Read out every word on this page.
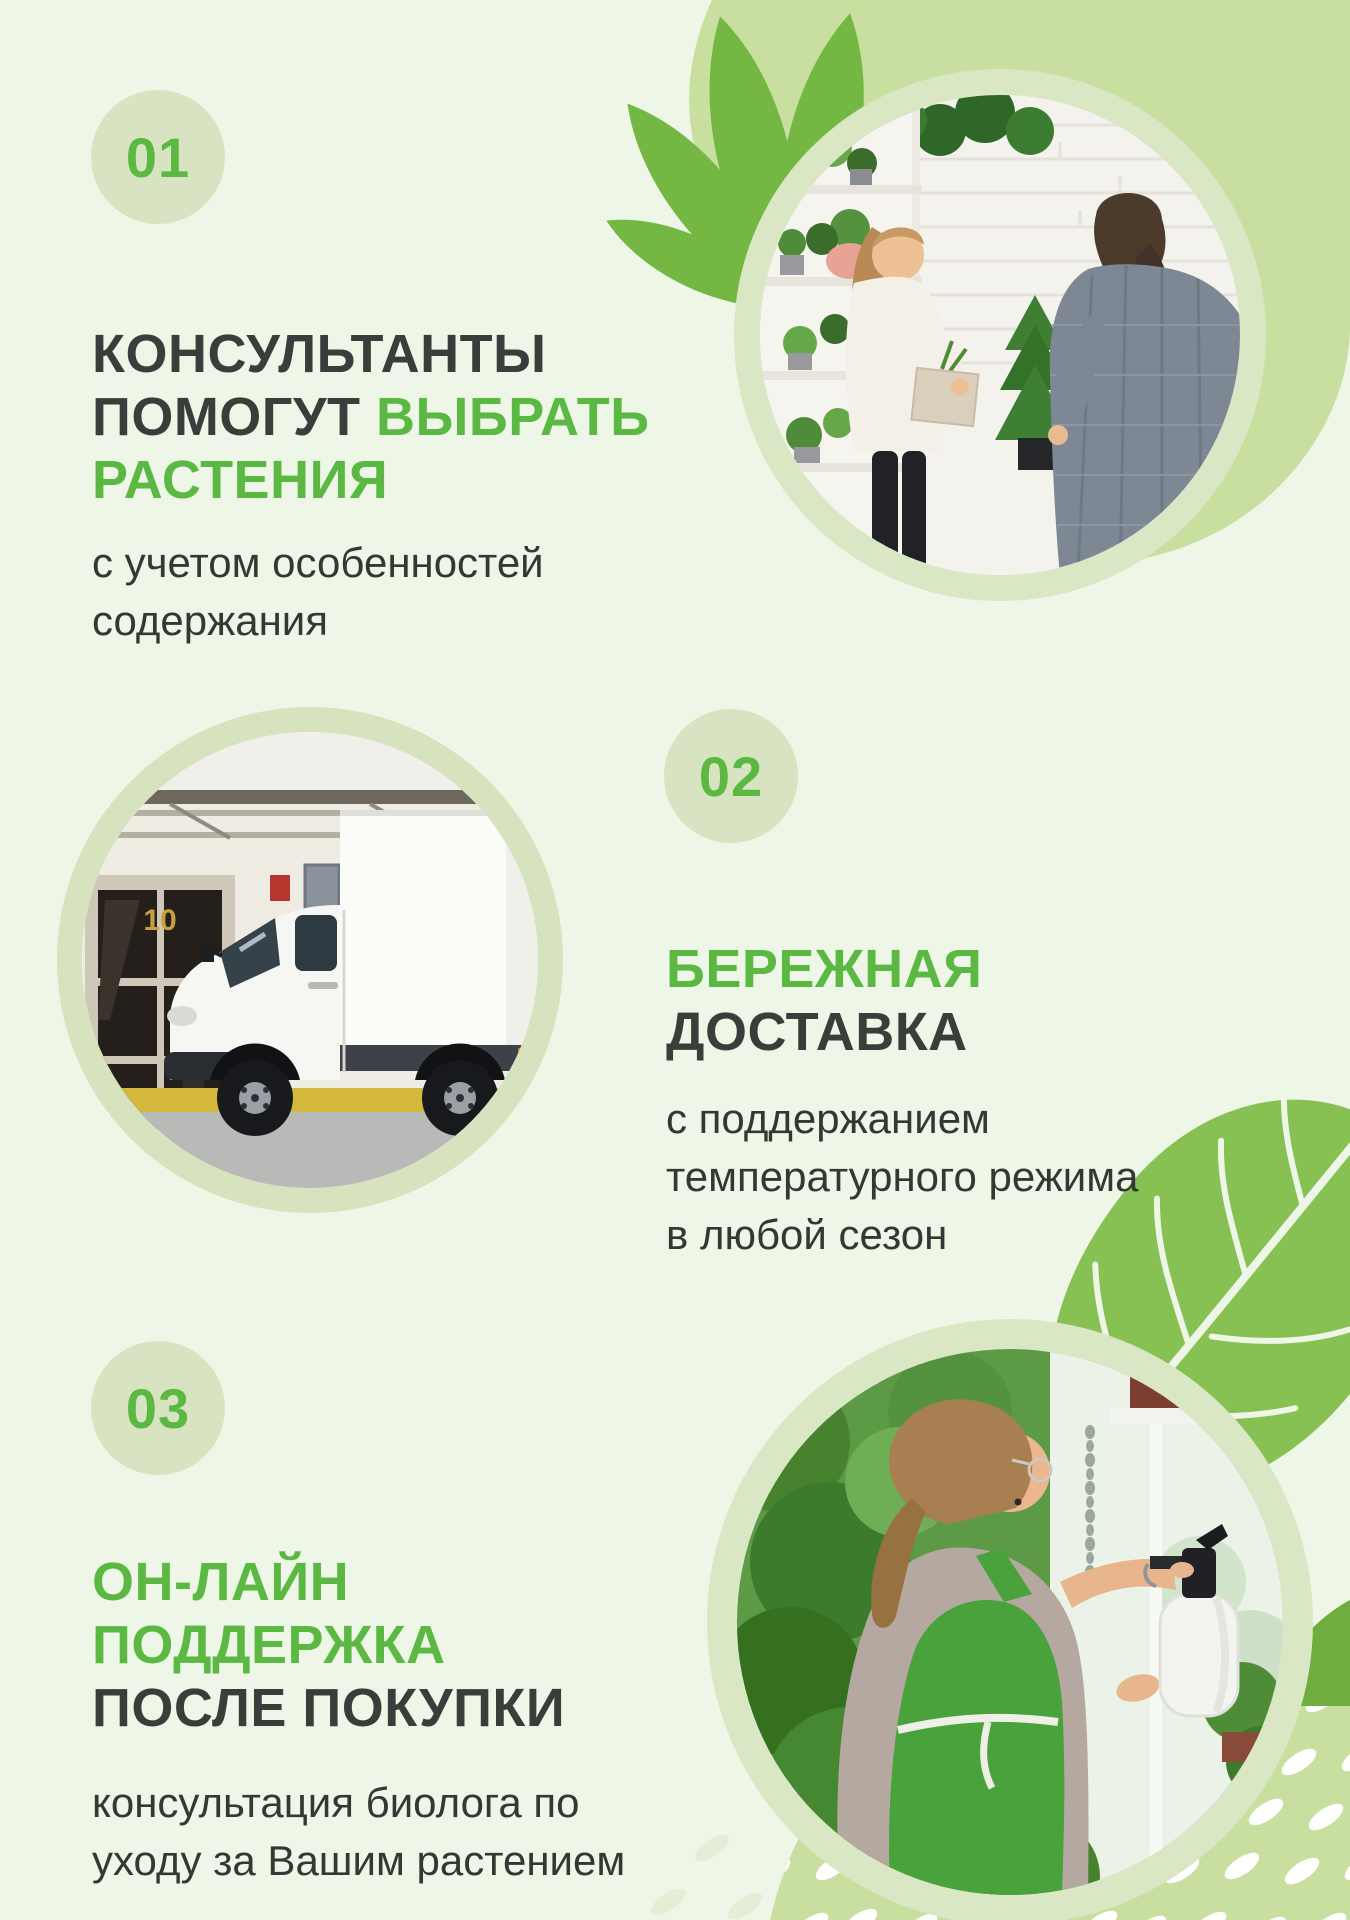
10
01
КОНСУЛЬТАНТЫ
ПОМОГУТ ВЫБРАТЬ
РАСТЕНИЯ

с учетом особенностей
содержания

02
БЕРЕЖНАЯ
ДОСТАВКА

с поддержанием
температурного режима
в любой сезон

03
ОН-ЛАЙН
ПОДДЕРЖКА
ПОСЛЕ ПОКУПКИ

консультация биолога по
уходу за Вашим растением
